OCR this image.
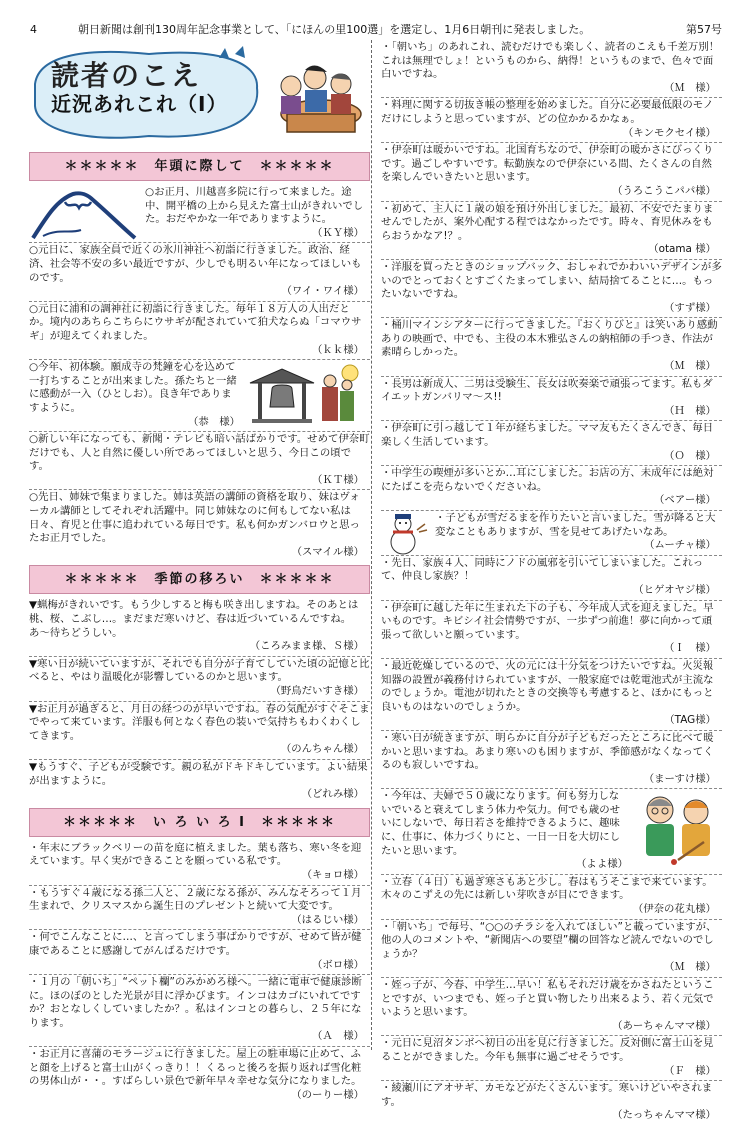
4	朝日新聞は創刊130周年記念事業として、「にほんの里100選」を選定し、1月6日朝刊に発表しました。	第57号
読者のこえ
近況あれこれ（Ⅰ）
＊＊＊＊＊　年頭に際して　＊＊＊＊＊
○お正月、川越喜多院に行って来ました。途中、開平橋の上から見えた富士山がきれいでした。おだやかな一年でありますように。
（ＫＹ様）
○元日に、家族全員で近くの氷川神社へ初詣に行きました。政治、経済、社会等不安の多い最近ですが、少しでも明るい年になってほしいものです。
（ワイ・ワイ様）
○元日に浦和の調神社に初詣に行きました。毎年１８万人の人出だとか。境内のあちらこちらにウサギが配されていて狛犬ならぬ「コマウサギ」が迎えてくれました。
（ｋｋ様）
○今年、初体験。願成寺の梵鐘を心を込めて一打ちすることが出来ました。孫たちと一緒に感動が一入（ひとしお）。良き年でありますように。
（恭　様）
○新しい年になっても、新聞・テレビも暗い話ばかりです。せめて伊奈町だけでも、人と自然に優しい所であってほしいと思う、今日この頃です。
（ＫＴ様）
○先日、姉妹で集まりました。姉は英語の講師の資格を取り、妹はヴォーカル講師としてそれぞれ活躍中。同じ姉妹なのに何もしてない私は日々、育児と仕事に追われている毎日です。私も何かガンバロウと思ったお正月でした。
（スマイル様）
＊＊＊＊＊　季節の移ろい　＊＊＊＊＊
▼蝋梅がきれいです。もう少しすると梅も咲き出しますね。そのあとは桃、桜、こぶし…。まだまだ寒いけど、春は近づいているんですね。あ〜待ちどうしい。
（ころみまま様、Ｓ様）
▼寒い日が続いていますが、それでも自分が子育てしていた頃の記憶と比べると、やはり温暖化が影響しているのかと思います。
（野鳥だいすき様）
▼お正月が過ぎると、月日の経つのが早いですね。春の気配がすぐそこまでやって来ています。洋服も何となく春色の装いで気持ちもわくわくしてきます。
（のんちゃん様）
▼もうすぐ、子どもが受験です。親の私がドキドキしています。よい結果が出ますように。
（どれみ様）
＊＊＊＊＊　い ろ い ろ Ⅰ　＊＊＊＊＊
・年末にブラックベリーの苗を庭に植えました。葉も落ち、寒い冬を迎えています。早く実ができることを願っている私です。
（キョロ様）
・もうすぐ４歳になる孫二人と、２歳になる孫が、みんなそろって１月生まれで、クリスマスから誕生日のプレゼントと続いて大変です。
（はるじい様）
・何でこんなことに…、と言ってしまう事ばかりですが、せめて皆が健康であることに感謝してがんばるだけです。
（ボロ様）
・１月の「朝いち」“ペット欄”のみかめろ様へ。一緒に電車で健康診断に。ほのぼのとした光景が目に浮かびます。インコはカゴにいれてですか？おとなしくしていましたか？。私はインコとの暮らし、２５年になります。
（Ａ　様）
・お正月に喜蒲のモラージュに行きました。屋上の駐車場に止めて、ふと顔を上げると富士山がくっきり！！くるっと後ろを振り返れば雪化粧の男体山が・・。すばらしい景色で新年早々幸せな気分になりました。
（のーりー様）
・「朝いち」のあれこれ、読むだけでも楽しく、読者のこえも千差万別！これは無理でしょ！というものから、納得！というものまで、色々で面白いですね。
（Ｍ　様）
・料理に関する切抜き帳の整理を始めました。自分に必要最低限のモノだけにしようと思っていますが、どの位かかるかなぁ。
（キンモクセイ様）
・伊奈町は暖かいですね。北国育ちなので、伊奈町の暖かさにびっくりです。過ごしやすいです。転勤族なので伊奈にいる間、たくさんの自然を楽しんでいきたいと思います。
（うろこうこパパ様）
・初めて、主人に１歳の娘を預け外出しました。最初、不安でたまりませんでしたが、案外心配する程ではなかったです。時々、育児休みをもらおうかなア!？。
（otama 様）
・洋服を買ったときのショップバック、おしゃれでかわいいデザインが多いのでとっておくとすごくたまってしまい、結局捨てることに…。もったいないですね。
（すず様）
・桶川マインシアターに行ってきました。『おくりびと』は笑いあり感動ありの映画で、中でも、主役の本木雅弘さんの納棺師の手つき、作法が素晴らしかった。
（Ｍ　様）
・長男は新成人、二男は受験生、長女は吹奏楽で頑張ってます。私もダイエットガンバリマ〜ス!!
（Ｈ　様）
・伊奈町に引っ越して１年が経ちました。ママ友もたくさんでき、毎日楽しく生活しています。
（Ｏ　様）
・中学生の喫煙が多いとか…耳にしました。お店の方、未成年には絶対にたばこを売らないでくださいね。
（ベアー様）
・子どもが雪だるまを作りたいと言いました。雪が降ると大変なこともありますが、雪を見せてあげたいなあ。
（ムーチャ様）
・先日、家族４人、同時にノドの風邪を引いてしまいました。これって、仲良し家族？！
（ヒゲオヤジ様）
・伊奈町に越した年に生まれた下の子も、今年成人式を迎えました。早いものです。キビシイ社会情勢ですが、一歩ずつ前進！夢に向かって頑張って欲しいと願っています。
（Ｉ　様）
・最近乾燥しているので、火の元には十分気をつけたいですね。火災報知器の設置が義務付けられていますが、一般家庭では乾電池式が主流なのでしょうか。電池が切れたときの交換等も考慮すると、ほかにもっと良いものはないのでしょうか。
（TAG様）
・寒い日が続きますが、明らかに自分が子どもだったところに比べて暖かいと思いますね。あまり寒いのも困りますが、季節感がなくなってくるのも寂しいですね。
（まーすけ様）
・今年は、夫婦で５０歳になります。何も努力しないでいると衰えてしまう体力や気力。何でも歳のせいにしないで、毎日若さを維持できるように、趣味に、仕事に、体力づくりにと、一日一日を大切にしたいと思います。
（よよ様）
・立春（４日）も過ぎ寒さもあと少し。春はもうそこまで来ています。木々のこずえの先には新しい芽吹きが目にできます。
（伊奈の花丸様）
・「朝いち」で毎号、“○○のチラシを入れてほしい”と載っていますが、他の人のコメントや、“新聞店への要望”欄の回答など読んでないのでしょうか？
（Ｍ　様）
・姪っ子が、今春、中学生…早い！私もそれだけ歳をかさねたということですが、いつまでも、姪っ子と買い物したり出来るよう、若く元気でいようと思います。
（あーちゃんママ様）
・元日に見沼タンボへ初日の出を見に行きました。反対側に富士山を見ることができました。今年も無事に過ごせそうです。
（Ｆ　様）
・綾瀬川にアオサギ、カモなどがたくさんいます。寒いけどいやされます。
（たっちゃんママ様）
